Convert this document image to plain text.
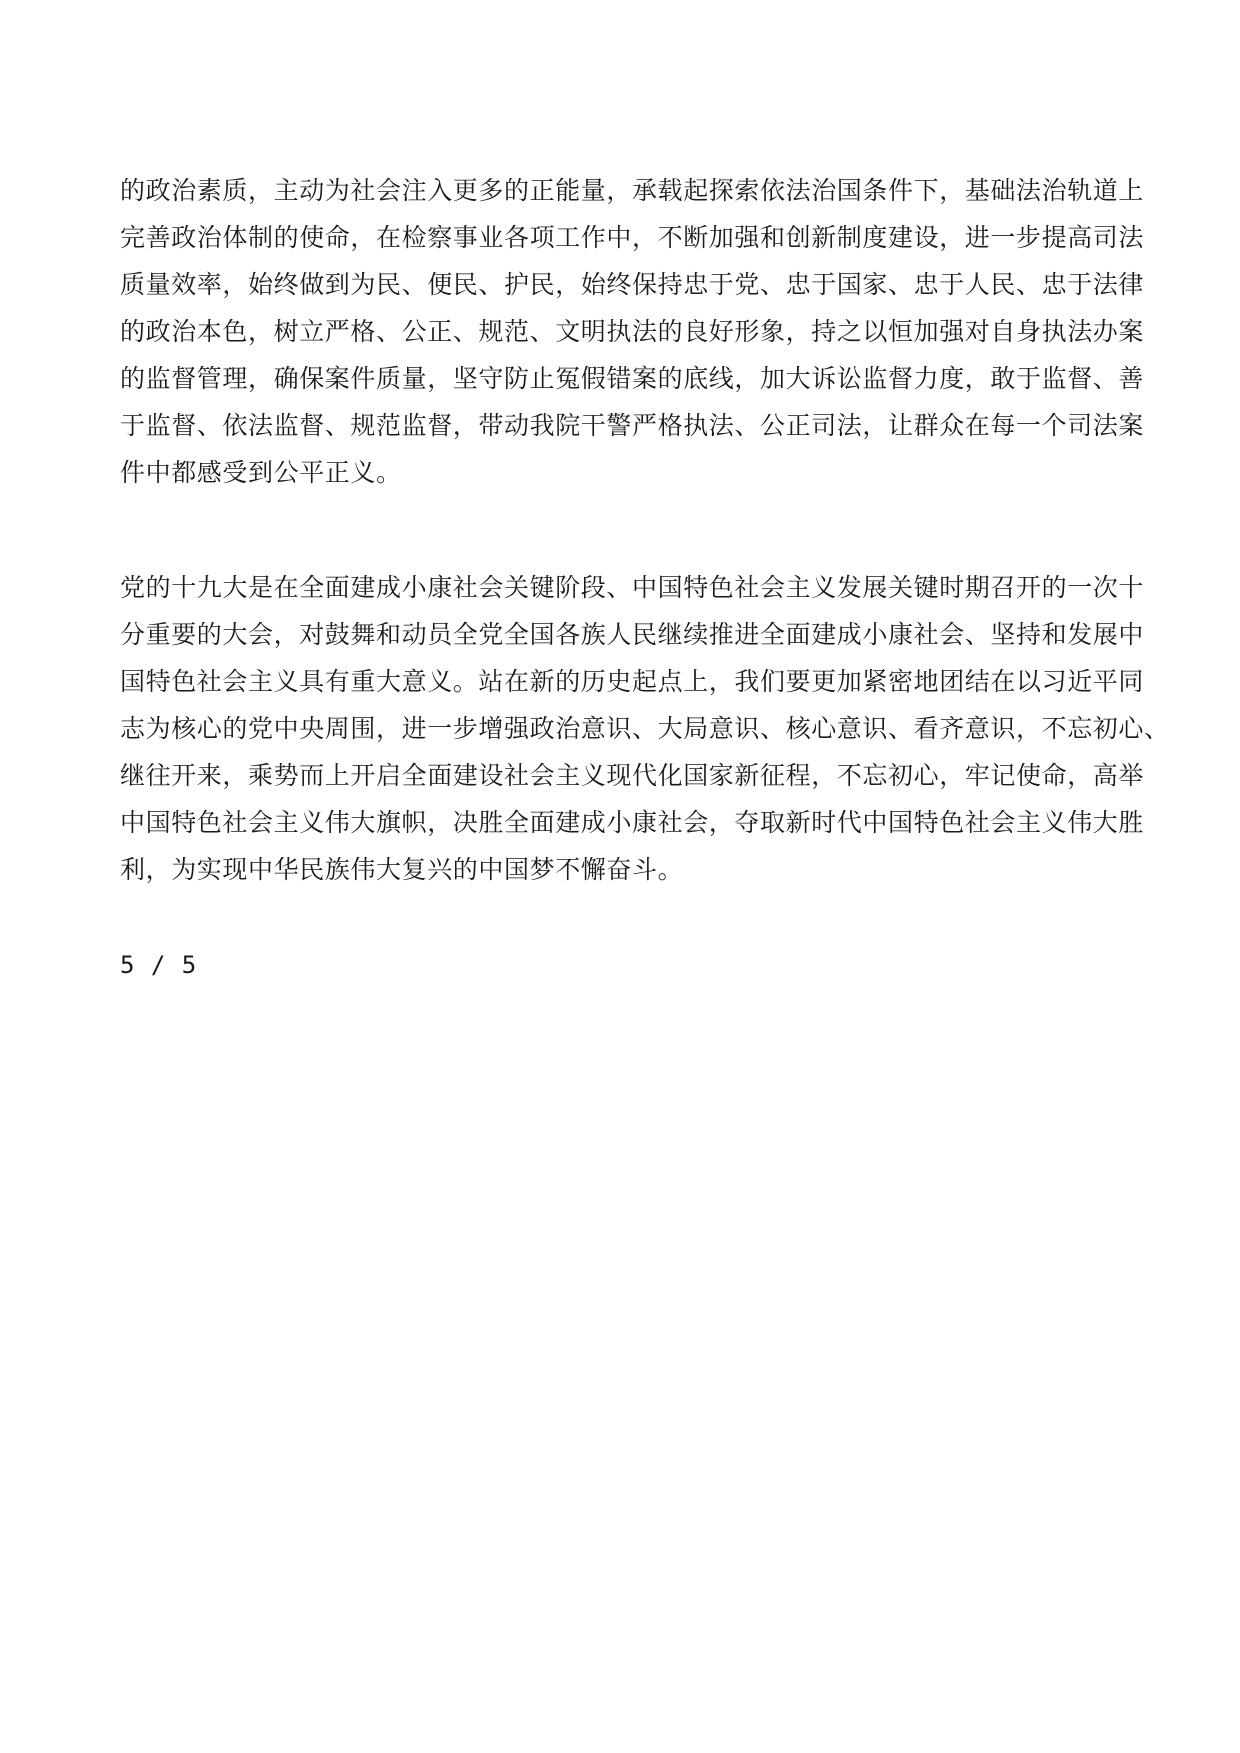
的政治素质，主动为社会注入更多的正能量，承载起探索依法治国条件下，基础法治轨道上
完善政治体制的使命，在检察事业各项工作中，不断加强和创新制度建设，进一步提高司法
质量效率，始终做到为民、便民、护民，始终保持忠于党、忠于国家、忠于人民、忠于法律
的政治本色，树立严格、公正、规范、文明执法的良好形象，持之以恒加强对自身执法办案
的监督管理，确保案件质量，坚守防止冤假错案的底线，加大诉讼监督力度，敢于监督、善
于监督、依法监督、规范监督，带动我院干警严格执法、公正司法，让群众在每一个司法案
件中都感受到公平正义。
党的十九大是在全面建成小康社会关键阶段、中国特色社会主义发展关键时期召开的一次十
分重要的大会，对鼓舞和动员全党全国各族人民继续推进全面建成小康社会、坚持和发展中
国特色社会主义具有重大意义。站在新的历史起点上，我们要更加紧密地团结在以习近平同
志为核心的党中央周围，进一步增强政治意识、大局意识、核心意识、看齐意识，不忘初心、
继往开来，乘势而上开启全面建设社会主义现代化国家新征程，不忘初心，牢记使命，高举
中国特色社会主义伟大旗帜，决胜全面建成小康社会，夺取新时代中国特色社会主义伟大胜
利，为实现中华民族伟大复兴的中国梦不懈奋斗。
5 / 5
